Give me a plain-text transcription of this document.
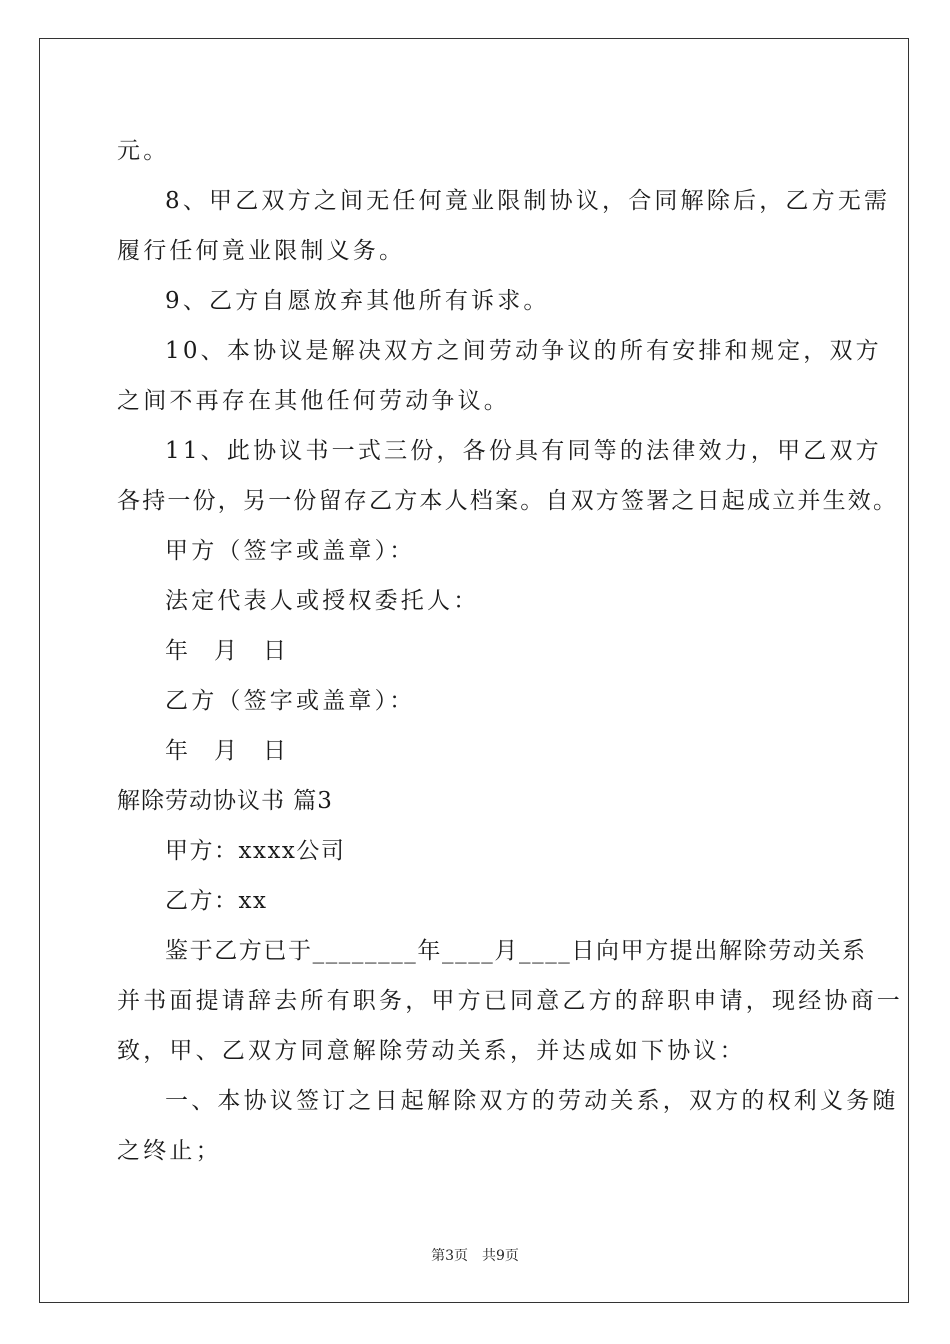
元。
8、甲乙双方之间无任何竟业限制协议，合同解除后，乙方无需
履行任何竟业限制义务。
9、乙方自愿放弃其他所有诉求。
10、本协议是解决双方之间劳动争议的所有安排和规定，双方
之间不再存在其他任何劳动争议。
11、此协议书一式三份，各份具有同等的法律效力，甲乙双方
各持一份，另一份留存乙方本人档案。自双方签署之日起成立并生效。
甲方（签字或盖章）：
法定代表人或授权委托人：
年 月 日
乙方（签字或盖章）：
年 月 日
解除劳动协议书 篇3
甲方：xxxx公司
乙方：xx
鉴于乙方已于________年____月____日向甲方提出解除劳动关系
并书面提请辞去所有职务，甲方已同意乙方的辞职申请，现经协商一
致，甲、乙双方同意解除劳动关系，并达成如下协议：
一、本协议签订之日起解除双方的劳动关系，双方的权利义务随
之终止；
第3页　共9页
